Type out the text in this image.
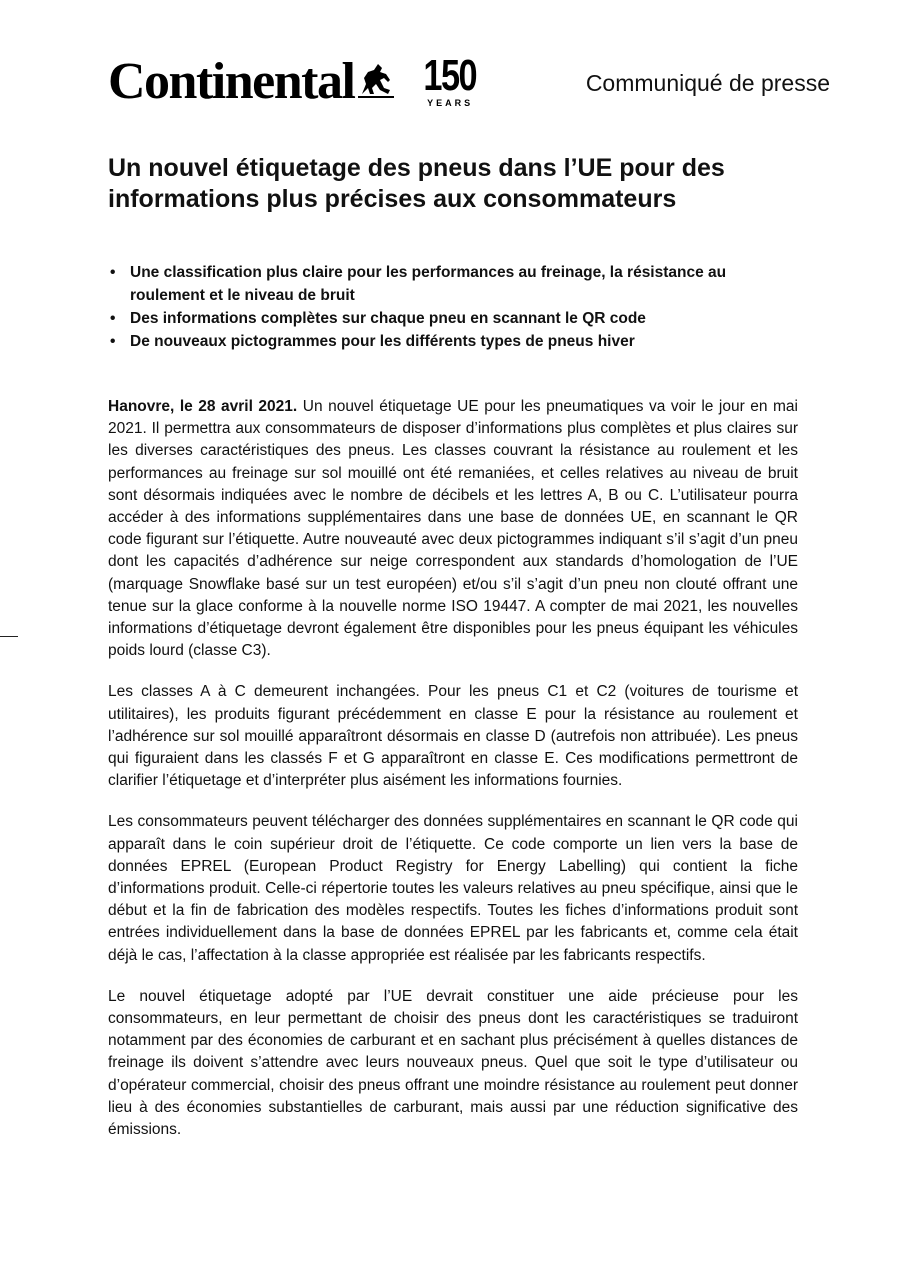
Continental 150
YEARS
Communiqué de presse
Un nouvel étiquetage des pneus dans l’UE pour des informations plus précises aux consommateurs
• Une classification plus claire pour les performances au freinage, la résistance au roulement et le niveau de bruit
• Des informations complètes sur chaque pneu en scannant le QR code
• De nouveaux pictogrammes pour les différents types de pneus hiver

Hanovre, le 28 avril 2021. Un nouvel étiquetage UE pour les pneumatiques va voir le jour en mai 2021. Il permettra aux consommateurs de disposer d’informations plus complètes et plus claires sur les diverses caractéristiques des pneus. Les classes couvrant la résistance au roulement et les performances au freinage sur sol mouillé ont été remaniées, et celles relatives au niveau de bruit sont désormais indiquées avec le nombre de décibels et les lettres A, B ou C. L’utilisateur pourra accéder à des informations supplémentaires dans une base de données UE, en scannant le QR code figurant sur l’étiquette. Autre nouveauté avec deux pictogrammes indiquant s’il s’agit d’un pneu dont les capacités d’adhérence sur neige correspondent aux standards d’homologation de l’UE (marquage Snowflake basé sur un test européen) et/ou s’il s’agit d’un pneu non clouté offrant une tenue sur la glace conforme à la nouvelle norme ISO 19447. A compter de mai 2021, les nouvelles informations d’étiquetage devront également être disponibles pour les pneus équipant les véhicules poids lourd (classe C3).

Les classes A à C demeurent inchangées. Pour les pneus C1 et C2 (voitures de tourisme et utilitaires), les produits figurant précédemment en classe E pour la résistance au roulement et l’adhérence sur sol mouillé apparaîtront désormais en classe D (autrefois non attribuée). Les pneus qui figuraient dans les classés F et G apparaîtront en classe E. Ces modifications permettront de clarifier l’étiquetage et d’interpréter plus aisément les informations fournies.

Les consommateurs peuvent télécharger des données supplémentaires en scannant le QR code qui apparaît dans le coin supérieur droit de l’étiquette. Ce code comporte un lien vers la base de données EPREL (European Product Registry for Energy Labelling) qui contient la fiche d’informations produit. Celle-ci répertorie toutes les valeurs relatives au pneu spécifique, ainsi que le début et la fin de fabrication des modèles respectifs. Toutes les fiches d’informations produit sont entrées individuellement dans la base de données EPREL par les fabricants et, comme cela était déjà le cas, l’affectation à la classe appropriée est réalisée par les fabricants respectifs.

Le nouvel étiquetage adopté par l’UE devrait constituer une aide précieuse pour les consommateurs, en leur permettant de choisir des pneus dont les caractéristiques se traduiront notamment par des économies de carburant et en sachant plus précisément à quelles distances de freinage ils doivent s’attendre avec leurs nouveaux pneus. Quel que soit le type d’utilisateur ou d’opérateur commercial, choisir des pneus offrant une moindre résistance au roulement peut donner lieu à des économies substantielles de carburant, mais aussi par une réduction significative des émissions.
